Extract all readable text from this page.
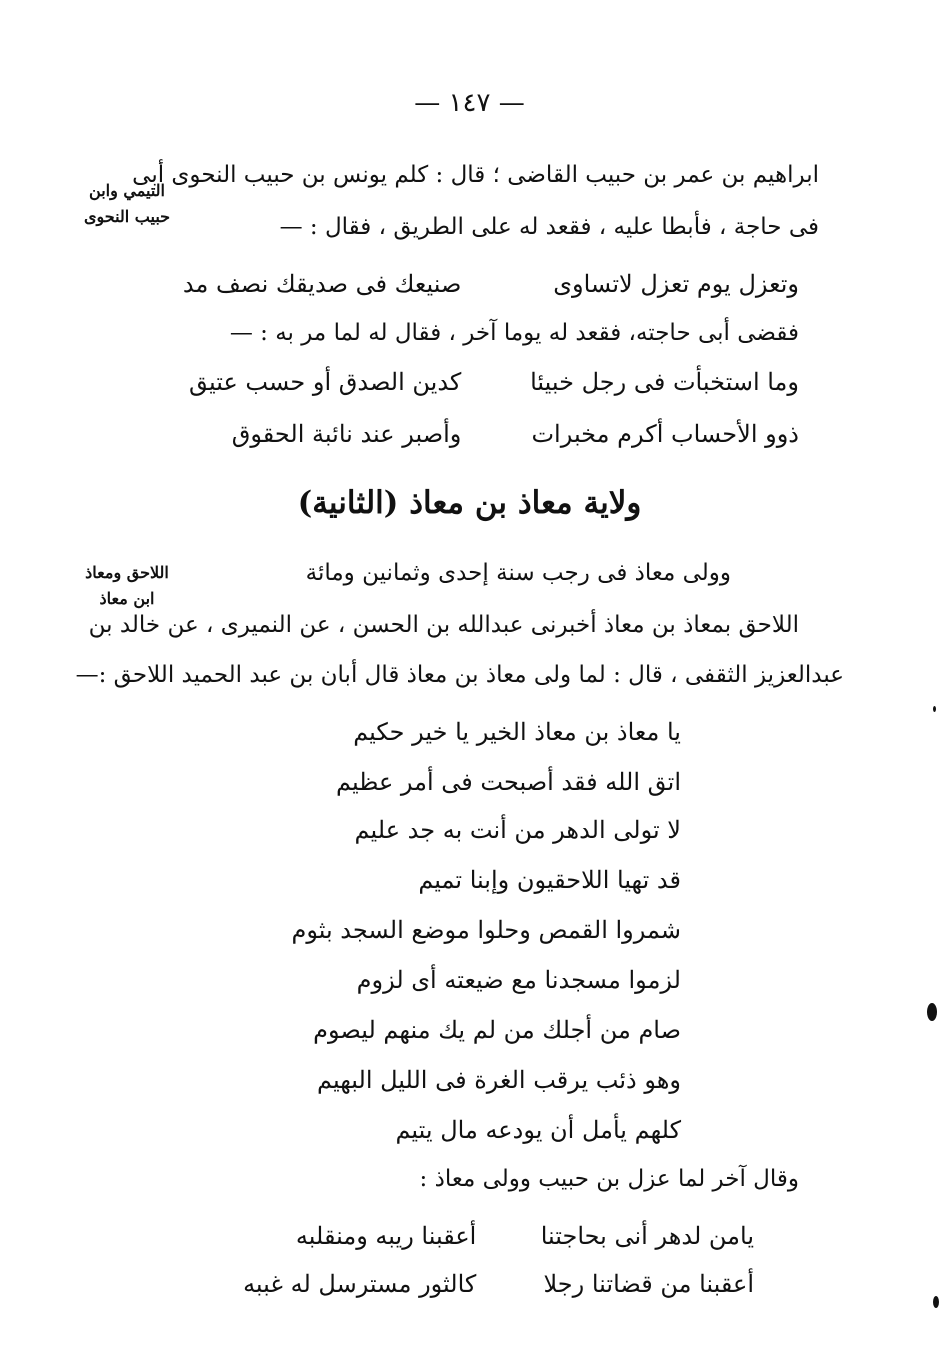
— ١٤٧ —
التيمي وابن
حبيب النحوى
ابراهيم بن عمر بن حبيب القاضى ؛ قال : كلم يونس بن حبيب النحوى أبى
فى حاجة ، فأبطا عليه ، فقعد له على الطريق ، فقال : —
وتعزل يوم تعزل لاتساوى صنيعك فى صديقك نصف مد
فقضى أبى حاجته، فقعد له يوما آخر ، فقال له لما مر به : —
وما استخبأت فى رجل خبيئا كدين الصدق أو حسب عتيق
ذوو الأحساب أكرم مخبرات وأصبر عند نائبة الحقوق
ولاية معاذ بن معاذ (الثانية)
اللاحق ومعاذ
ابن معاذ
وولى معاذ فى رجب سنة إحدى وثمانين ومائة
اللاحق بمعاذ بن معاذ أخبرنى عبدالله بن الحسن ، عن النميرى ، عن خالد بن
عبدالعزيز الثقفى ، قال : لما ولى معاذ بن معاذ قال أبان بن عبد الحميد اللاحق :—
يا معاذ بن معاذ الخير يا خير حكيم
اتق الله فقد أصبحت فى أمر عظيم
لا تولى الدهر من أنت به جد عليم
قد تهيا اللاحقيون وإبنا تميم
شمروا القمص وحلوا موضع السجد بثوم
لزموا مسجدنا مع ضيعته أى لزوم
صام من أجلك من لم يك منهم ليصوم
وهو ذئب يرقب الغرة فى الليل البهيم
كلهم يأمل أن يودعه مال يتيم
وقال آخر لما عزل بن حبيب وولى معاذ :
يامن لدهر أنى بحاجتنا أعقبنا ريبه ومنقلبه
أعقبنا من قضاتنا رجلا كالثور مسترسل له غببه
